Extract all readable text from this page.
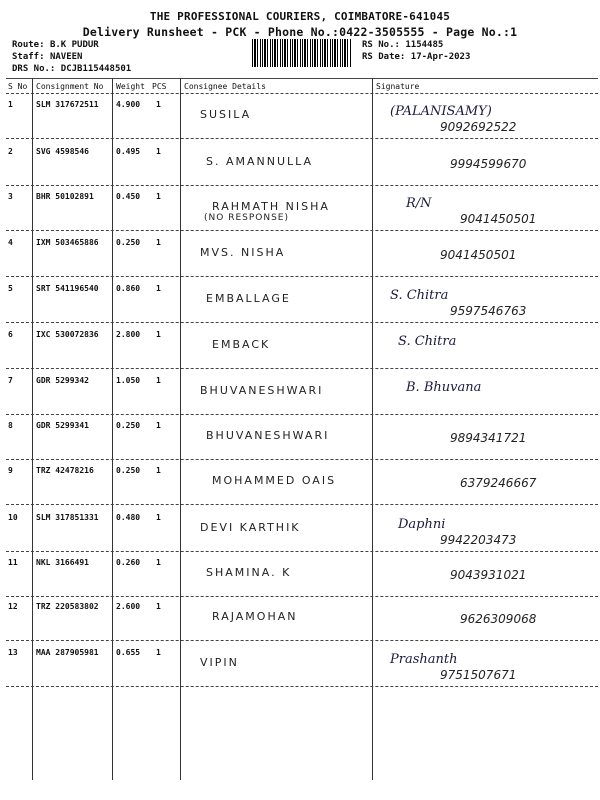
THE PROFESSIONAL COURIERS, COIMBATORE-641045
Delivery Runsheet - PCK - Phone No.:0422-3505555 - Page No.:1
Route: B.K PUDUR
Staff: NAVEEN
DRS No.: DCJB115448501
RS No.: 1154485
RS Date: 17-Apr-2023
S No Consignment No Weight PCS Consignee Details	Signature
1	SLM 317672511 4.900 1
SUSILA	(PALANISAMY)
9092692522
2	SVG 4598546	0.495 1
S. AMANNULLA	9994599670
3	BHR 50102891	0.450 1
RAHMATH NISHA
(NO RESPONSE)
R/N
9041450501
4	IXM 503465886 0.250 1
MVS. NISHA	9041450501
5	SRT 541196540 0.860 1
EMBALLAGE	S. Chitra
9597546763
6	IXC 530072836 2.800 1
EMBACK	S. Chitra
7	GDR 5299342	1.050 1
BHUVANESHWARI	B. Bhuvana
8	GDR 5299341	0.250 1
BHUVANESHWARI	9894341721
9	TRZ 42478216	0.250 1
MOHAMMED OAIS	6379246667
10 SLM 317851331 0.480 1
DEVI KARTHIK	Daphni
9942203473
11 NKL 3166491	0.260 1
SHAMINA. K	9043931021
12 TRZ 220583802 2.600 1
RAJAMOHAN	9626309068
13 MAA 287905981 0.655 1
VIPIN	Prashanth
9751507671
